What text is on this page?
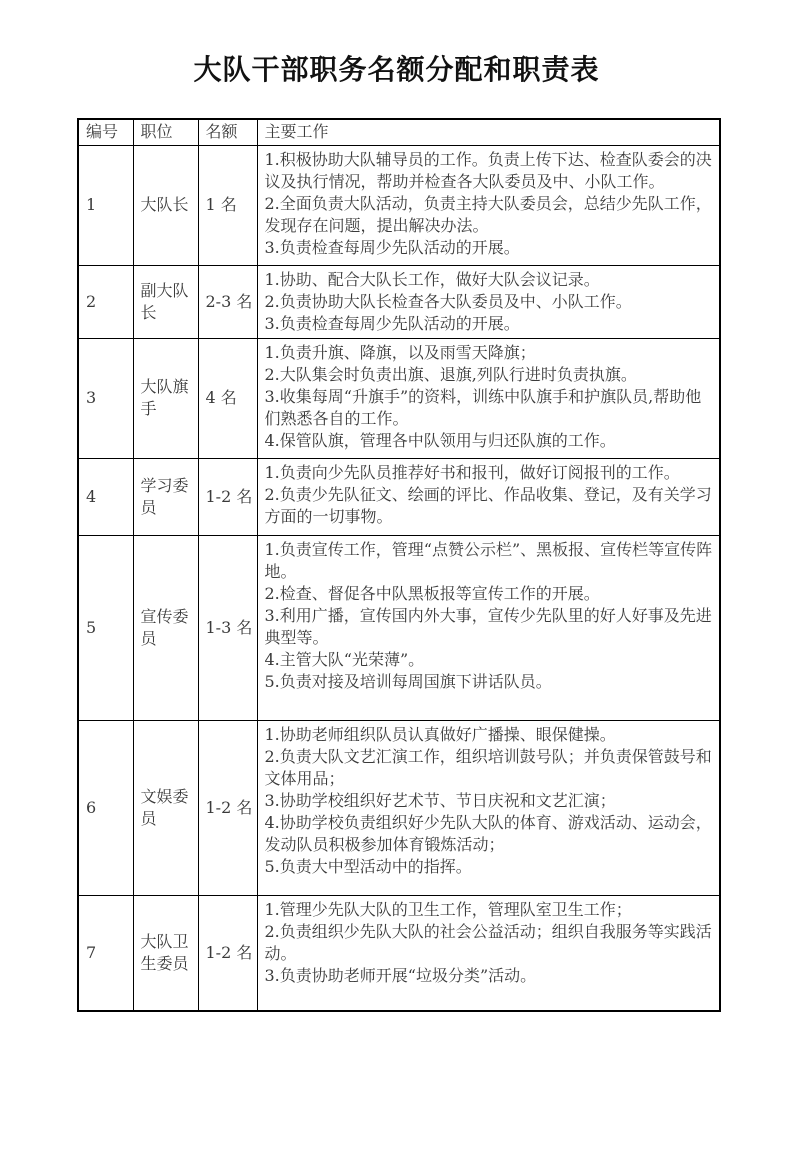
大队干部职务名额分配和职责表
编号	职位	名额	主要工作
1	大队长	1 名	1.积极协助大队辅导员的工作。负责上传下达、检查队委会的决议及执行情况，帮助并检查各大队委员及中、小队工作。

2.全面负责大队活动，负责主持大队委员会，总结少先队工作，发现存在问题，提出解决办法。

3.负责检查每周少先队活动的开展。

2	副大队长	2-3 名	1.协助、配合大队长工作，做好大队会议记录。

2.负责协助大队长检查各大队委员及中、小队工作。

3.负责检查每周少先队活动的开展。

3	大队旗手	4 名	1.负责升旗、降旗，以及雨雪天降旗；

2.大队集会时负责出旗、退旗,列队行进时负责执旗。

3.收集每周“升旗手”的资料，训练中队旗手和护旗队员,帮助他们熟悉各自的工作。

4.保管队旗，管理各中队领用与归还队旗的工作。

4	学习委员	1-2 名	1.负责向少先队员推荐好书和报刊，做好订阅报刊的工作。

2.负责少先队征文、绘画的评比、作品收集、登记，及有关学习方面的一切事物。

5	宣传委员	1-3 名	1.负责宣传工作，管理“点赞公示栏”、黑板报、宣传栏等宣传阵地。

2.检查、督促各中队黑板报等宣传工作的开展。

3.利用广播，宣传国内外大事，宣传少先队里的好人好事及先进典型等。

4.主管大队“光荣薄”。

5.负责对接及培训每周国旗下讲话队员。

6	文娱委员	1-2 名	1.协助老师组织队员认真做好广播操、眼保健操。

2.负责大队文艺汇演工作，组织培训鼓号队；并负责保管鼓号和文体用品；

3.协助学校组织好艺术节、节日庆祝和文艺汇演；

4.协助学校负责组织好少先队大队的体育、游戏活动、运动会，发动队员积极参加体育锻炼活动；

5.负责大中型活动中的指挥。

7	大队卫生委员	1-2 名	1.管理少先队大队的卫生工作，管理队室卫生工作；

2.负责组织少先队大队的社会公益活动；组织自我服务等实践活动。

3.负责协助老师开展“垃圾分类”活动。
